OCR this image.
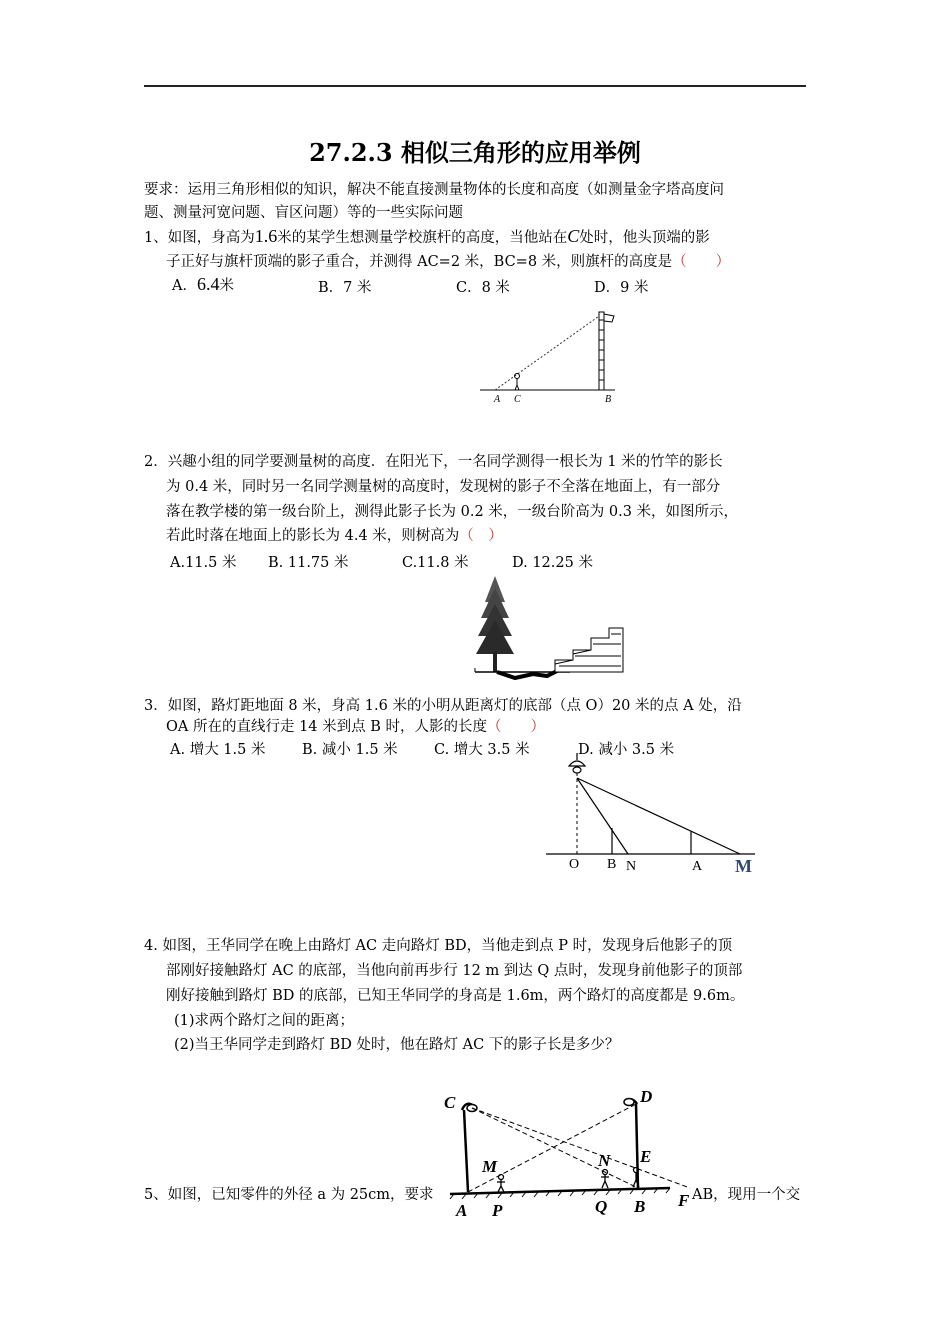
27.2.3 相似三角形的应用举例
要求：运用三角形相似的知识，解决不能直接测量物体的长度和高度（如测量金字塔高度问
题、测量河宽问题、盲区问题）等的一些实际问题
1、如图，身高为1.6米的某学生想测量学校旗杆的高度，当他站在C处时，他头顶端的影
子正好与旗杆顶端的影子重合，并测得 AC=2 米，BC=8 米，则旗杆的高度是（　　）
A．6.4米	B．7 米	C．8 米	D．9 米
A C	B
2．兴趣小组的同学要测量树的高度．在阳光下，一名同学测得一根长为 1 米的竹竿的影长
为 0.4 米，同时另一名同学测量树的高度时，发现树的影子不全落在地面上，有一部分
落在教学楼的第一级台阶上，测得此影子长为 0.2 米，一级台阶高为 0.3 米，如图所示，
若此时落在地面上的影长为 4.4 米，则树高为（　）
A.11.5 米 B. 11.75 米	C.11.8 米	D. 12.25 米
3．如图，路灯距地面 8 米，身高 1.6 米的小明从距离灯的底部（点 O）20 米的点 A 处，沿
OA 所在的直线行走 14 米到点 B 时，人影的长度（　　）
A. 增大 1.5 米	B. 减小 1.5 米	C. 增大 3.5 米	D. 减小 3.5 米
O B N	A M
4. 如图，王华同学在晚上由路灯 AC 走向路灯 BD，当他走到点 P 时，发现身后他影子的顶
部刚好接触路灯 AC 的底部，当他向前再步行 12 m 到达 Q 点时，发现身前他影子的顶部
刚好接触到路灯 BD 的底部，已知王华同学的身高是 1.6m，两个路灯的高度都是 9.6m。
(1)求两个路灯之间的距离；
(2)当王华同学走到路灯 BD 处时，他在路灯 AC 下的影子长是多少？
C	D
M	N E
A P	Q B F
5、如图，已知零件的外径 a 为 25cm，要求	AB，现用一个交
